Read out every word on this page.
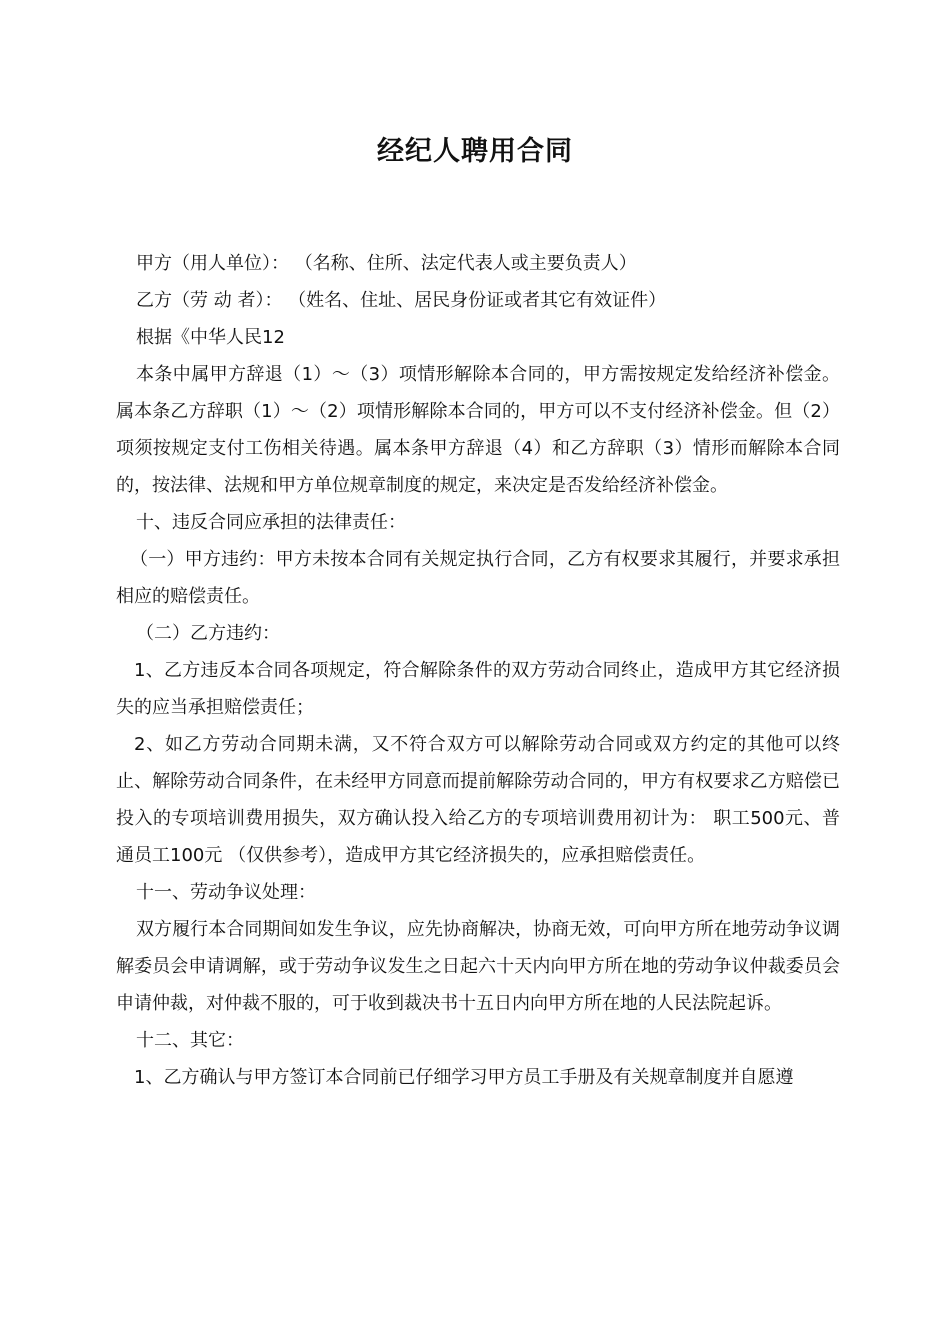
经纪人聘用合同

甲方（用人单位）： （名称、住所、法定代表人或主要负责人）

乙方（劳 动 者）： （姓名、住址、居民身份证或者其它有效证件）

根据《中华人民12

本条中属甲方辞退（1）～（3）项情形解除本合同的，甲方需按规定发给经济补偿金。属本条乙方辞职（1）～（2）项情形解除本合同的，甲方可以不支付经济补偿金。但（2）项须按规定支付工伤相关待遇。属本条甲方辞退（4）和乙方辞职（3）情形而解除本合同的，按法律、法规和甲方单位规章制度的规定，来决定是否发给经济补偿金。

十、违反合同应承担的法律责任：

（一）甲方违约：甲方未按本合同有关规定执行合同，乙方有权要求其履行，并要求承担相应的赔偿责任。

（二）乙方违约：

1、乙方违反本合同各项规定，符合解除条件的双方劳动合同终止，造成甲方其它经济损失的应当承担赔偿责任；

2、如乙方劳动合同期未满，又不符合双方可以解除劳动合同或双方约定的其他可以终止、解除劳动合同条件，在未经甲方同意而提前解除劳动合同的，甲方有权要求乙方赔偿已投入的专项培训费用损失，双方确认投入给乙方的专项培训费用初计为： 职工500元、普通员工100元 （仅供参考），造成甲方其它经济损失的，应承担赔偿责任。

十一、劳动争议处理：

双方履行本合同期间如发生争议，应先协商解决，协商无效，可向甲方所在地劳动争议调解委员会申请调解，或于劳动争议发生之日起六十天内向甲方所在地的劳动争议仲裁委员会申请仲裁，对仲裁不服的，可于收到裁决书十五日内向甲方所在地的人民法院起诉。

十二、其它：

1、乙方确认与甲方签订本合同前已仔细学习甲方员工手册及有关规章制度并自愿遵
